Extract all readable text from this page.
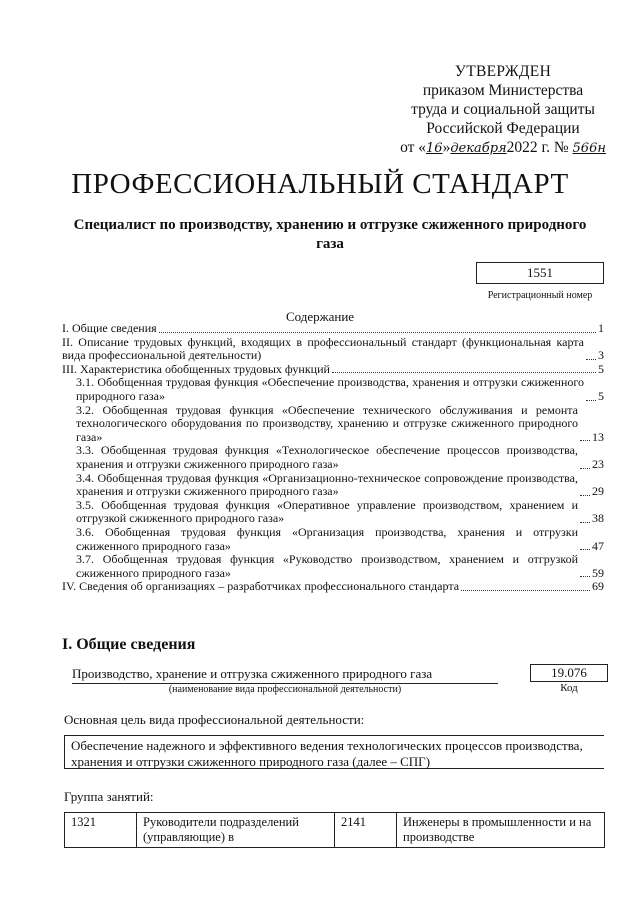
УТВЕРЖДЕН
приказом Министерства
труда и социальной защиты
Российской Федерации
от «16»декабря2022 г. № 566н
ПРОФЕССИОНАЛЬНЫЙ СТАНДАРТ
Специалист по производству, хранению и отгрузке сжиженного природного газа
1551
Регистрационный номер
Содержание
I. Общие сведения	1
II. Описание трудовых функций, входящих в профессиональный стандарт (функциональная карта вида профессиональной деятельности)	3
III. Характеристика обобщенных трудовых функций	5
3.1. Обобщенная трудовая функция «Обеспечение производства, хранения и отгрузки сжиженного природного газа»	5
3.2. Обобщенная трудовая функция «Обеспечение технического обслуживания и ремонта технологического оборудования по производству, хранению и отгрузке сжиженного природного газа»	13
3.3. Обобщенная трудовая функция «Технологическое обеспечение процессов производства, хранения и отгрузки сжиженного природного газа»	23
3.4. Обобщенная трудовая функция «Организационно-техническое сопровождение производства, хранения и отгрузки сжиженного природного газа»	29
3.5. Обобщенная трудовая функция «Оперативное управление производством, хранением и отгрузкой сжиженного природного газа»	38
3.6. Обобщенная трудовая функция «Организация производства, хранения и отгрузки сжиженного природного газа»	47
3.7. Обобщенная трудовая функция «Руководство производством, хранением и отгрузкой сжиженного природного газа»	59
IV. Сведения об организациях – разработчиках профессионального стандарта	69
I. Общие сведения
Производство, хранение и отгрузка сжиженного природного газа
(наименование вида профессиональной деятельности)
19.076
Код
Основная цель вида профессиональной деятельности:
Обеспечение надежного и эффективного ведения технологических процессов производства, хранения и отгрузки сжиженного природного газа (далее – СПГ)
Группа занятий:
1321	Руководители подразделений (управляющие) в	2141	Инженеры в промышленности и на производстве
